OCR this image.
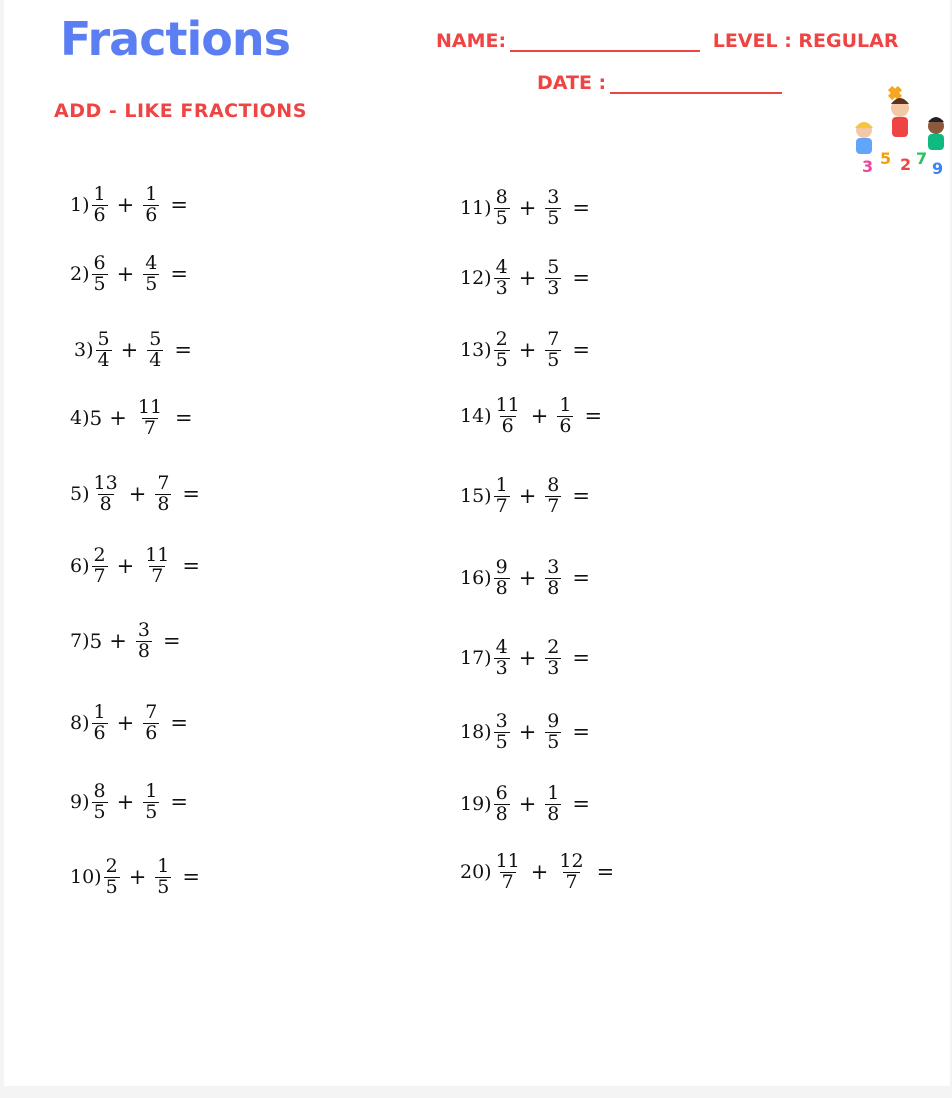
Fractions
ADD - LIKE FRACTIONS
NAME:	LEVEL : REGULAR
DATE :
5 2 7
3	9
$1) \frac{1}{6} + \frac{1}{6}$ =
$2) \frac{6}{5} + \frac{4}{5}$ =
$3) \frac{5}{4} + \frac{5}{4}$ =
4) $5 + \frac{11}{7}$ =
$5) \frac{13}{8} + \frac{7}{8}$ =
$6) \frac{2}{7} + \frac{11}{7}$ =
7) $5 + \frac{3}{8}$ =
$8) \frac{1}{6} + \frac{7}{6}$ =
$9) \frac{8}{5} + \frac{1}{5}$ =
$10) \frac{2}{5} + \frac{1}{5}$ =
$11) \frac{8}{5} + \frac{3}{5}$ =
$12) \frac{4}{3} + \frac{5}{3}$ =
$13) \frac{2}{5} + \frac{7}{5}$ =
$14) \frac{11}{6} + \frac{1}{6}$ =
$15) \frac{1}{7} + \frac{8}{7}$ =
$16) \frac{9}{8} + \frac{3}{8}$ =
$17) \frac{4}{3} + \frac{2}{3}$ =
$18) \frac{3}{5} + \frac{9}{5}$ =
$19) \frac{6}{8} + \frac{1}{8}$ =
$20) \frac{11}{7} + \frac{12}{7}$ =
